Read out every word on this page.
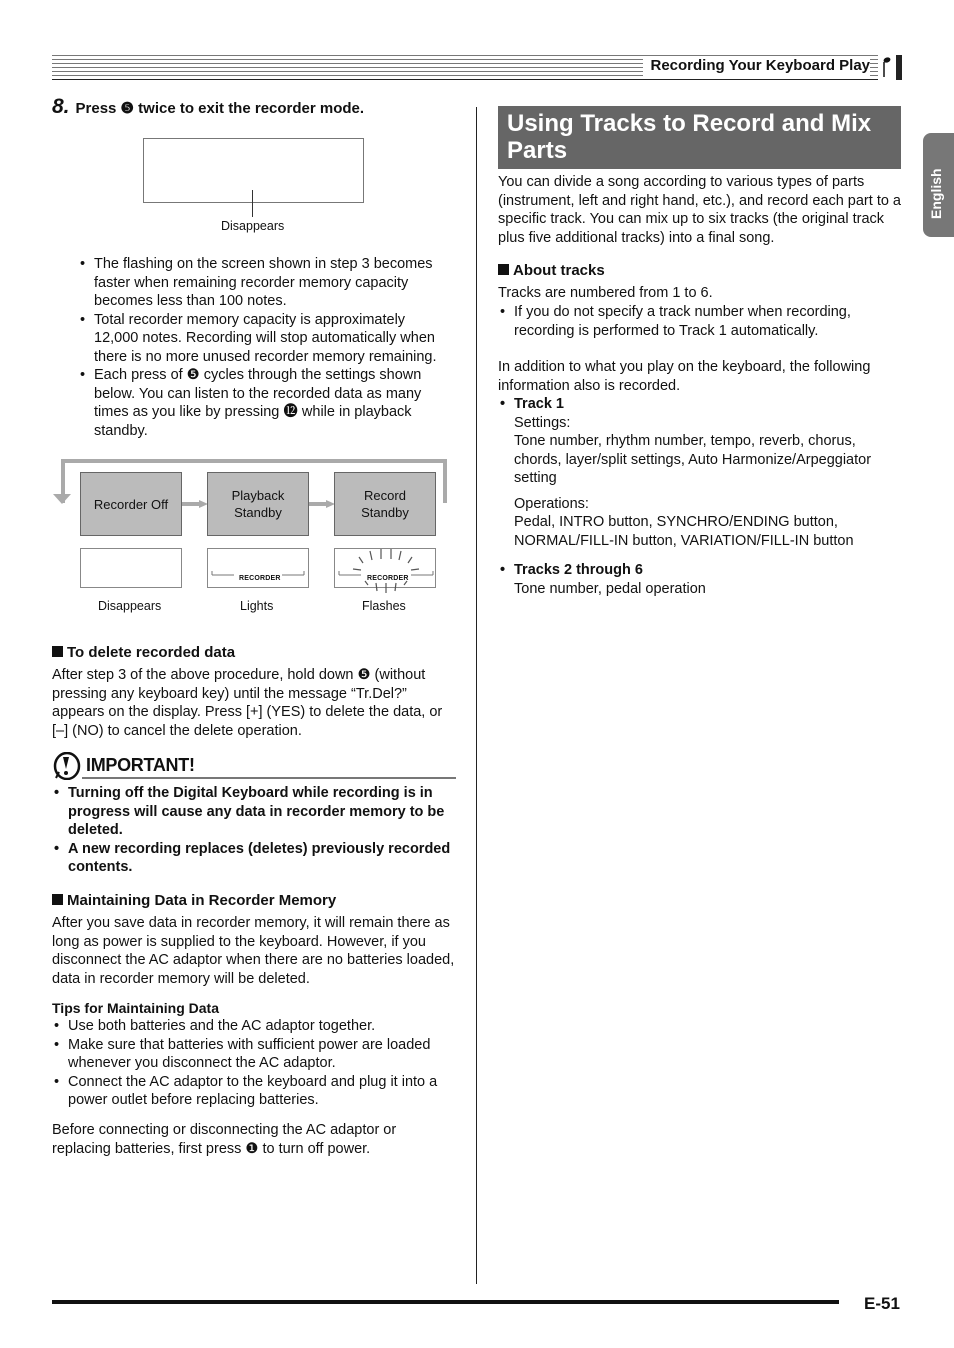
Recording Your Keyboard Play
English
8. Press ❺ twice to exit the recorder mode.
Disappears
• The flashing on the screen shown in step 3 becomes faster when remaining recorder memory capacity becomes less than 100 notes.
• Total recorder memory capacity is approximately 12,000 notes. Recording will stop automatically when there is no more unused recorder memory remaining.
• Each press of ❺ cycles through the settings shown below. You can listen to the recorded data as many times as you like by pressing ⓬ while in playback standby.
Recorder Off
Playback Standby
Record Standby
RECORDER	RECORDER
Disappears	Lights	Flashes
To delete recorded data

After step 3 of the above procedure, hold down ❺ (without pressing any keyboard key) until the message “Tr.Del?” appears on the display. Press [+] (YES) to delete the data, or [–] (NO) to cancel the delete operation.

IMPORTANT!
• Turning off the Digital Keyboard while recording is in progress will cause any data in recorder memory to be deleted.
• A new recording replaces (deletes) previously recorded contents.
Maintaining Data in Recorder Memory

After you save data in recorder memory, it will remain there as long as power is supplied to the keyboard. However, if you disconnect the AC adaptor when there are no batteries loaded, data in recorder memory will be deleted.

Tips for Maintaining Data
• Use both batteries and the AC adaptor together.
• Make sure that batteries with sufficient power are loaded whenever you disconnect the AC adaptor.
• Connect the AC adaptor to the keyboard and plug it into a power outlet before replacing batteries.

Before connecting or disconnecting the AC adaptor or replacing batteries, first press ❶ to turn off power.

Using Tracks to Record and Mix Parts

You can divide a song according to various types of parts (instrument, left and right hand, etc.), and record each part to a specific track. You can mix up to six tracks (the original track plus five additional tracks) into a final song.

About tracks

Tracks are numbered from 1 to 6.

• If you do not specify a track number when recording, recording is performed to Track 1 automatically.

In addition to what you play on the keyboard, the following information also is recorded.

• Track 1
Settings:
Tone number, rhythm number, tempo, reverb, chorus, chords, layer/split settings, Auto Harmonize/Arpeggiator setting
Operations:
Pedal, INTRO button, SYNCHRO/ENDING button, NORMAL/FILL-IN button, VARIATION/FILL-IN button
• Tracks 2 through 6
Tone number, pedal operation
E-51
